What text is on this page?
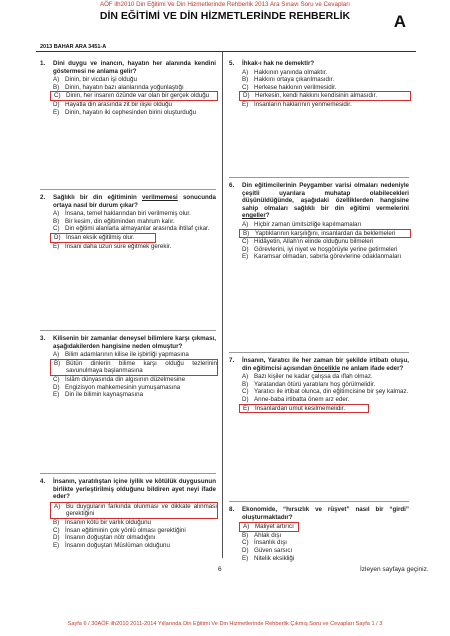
AÖF ilh2010 Din Eğitimi Ve Din Hizmetlerinde Rehberlik 2013 Ara Sınavı Soru ve Cevapları
DİN EĞİTİMİ VE DİN HİZMETLERİNDE REHBERLİK	A
2013 BAHAR ARA 3451-A
1. Dini duygu ve inancın, hayatın her alanında kendini göstermesi ne anlama gelir?
A) Dinin, bir vicdan işi olduğu
B) Dinin, hayatın bazı alanlarında yoğunlaştığı
C) Dinin, her insanın özünde var olan bir gerçek olduğu
D) Hayatla din arasında zit bir ilişki olduğu
E) Dinin, hayatın iki cephesinden birini oluşturduğu
2. Sağlıklı bir din eğitiminin verilmemesi sonucunda ortaya nasıl bir durum çıkar?
A) İnsana, temel haklarından biri verilmemiş olur.
B) Bir kesim, din eğitiminden mahrum kalır.
C) Din eğitimi alanlarla almayanlar arasında ihtilaf çıkar.
D) İnsan eksik eğitilmiş olur.
E) İnsani daha uzun süre eğitmek gerekir.
3. Kilisenin bir zamanlar deneysel bilimlere karşı çıkması, aşağıdakilerden hangisine neden olmuştur?
A) Bilim adamlarının kilise ile işbirliği yapmasına
B) Bütün dinlerin bilime karşı olduğu tezlerinin savunulmaya başlanmasına
C) İslâm dünyasında din algısının düzelmesine
D) Engizisyon mahkemesinin yumuşamasına
E) Din ile bilimin kaynaşmasına
4. İnsanın, yaratılıştan içine iyilik ve kötülük duygusunun birlikte yerleştirilmiş olduğunu bildiren ayet neyi ifade eder?
A) Bu duyguların farkında olunması ve dikkate alınması gerektiğini
B) İnsanın kötü bir varlık olduğunu
C) İnsan eğitiminin çok yönlü olması gerektiğini
D) İnsanın doğuştan nötr olmadığını
E) İnsanın doğuştan Müslüman olduğunu
5. İhkak-ı hak ne demektir?
A) Hakkının yanında olmaktır.
B) Hakkını ortaya çıkarılmasıdır.
C) Herkese hakkının verilmesidir.
D) Herkesin, kendi hakkını kendisinin almasıdır.
E) İnsanların haklarının yenmemesidir.
6. Din eğitimcilerinin Peygamber varisi olmaları nedeniyle çeşitli uyarılara muhatap olabilecekleri düşünüldüğünde, aşağıdaki özelliklerden hangisine sahip olmaları sağlıklı bir din eğitimi vermelerini engeller?
A) Hiçbir zaman ümitsizliğe kapılmamaları
B) Yaptıklarının karşılığını, insanlardan da beklemeleri
C) Hidâyetin, Allah'ın elinde olduğunu bilmeleri
D) Görevlerini, iyi niyet ve hoşgörüyle yerine getirmeleri
E) Karamsar olmadan, sabırla görevlerine odaklanmaları
7. İnsanın, Yaratıcı ile her zaman bir şekilde irtibatı oluşu, din eğitimcisi açısından öncelikle ne anlam ifade eder?
A) Bazı kişiler ne kadar çalışsa da ıflah olmaz.
B) Yaratandan ötürü yaratılanı hoş görülmelidir.
C) Yaratıcı ile irtibat olunca, din eğitimcisine bir şey kalmaz.
D) Anne-baba irtibatta önem arz eder.
E) İnsanlardan umut kesilmemelidir.
8. Ekonomide, “hırsızlık ve rüşvet” nasıl bir “girdi” oluşturmaktadır?
A) Maliyet artırıcı
B) Ahlak dışı
C) İnsanlık dışı
D) Güven sarsıcı
E) Nitelik eksikliği
6	İzleyen sayfaya geçiniz.
Sayfa 6 / 30AÖF ilh2010 2011-2014 Yıllarında Din Eğitimi Ve Din Hizmetlerinde Rehberlik Çıkmış Soru ve Cevapları Sayfa 1 / 3
